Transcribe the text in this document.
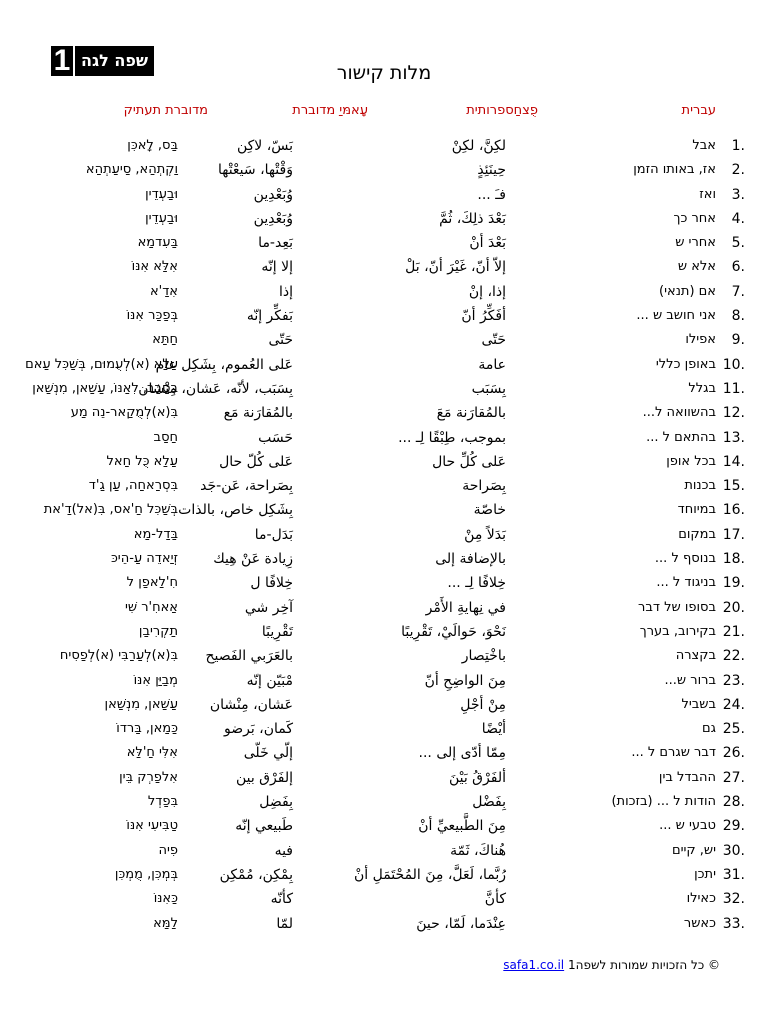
1 שפה לגה
מלות קישור
עברית
פֻ‏צחַ‏ספרותית
עָ‏אמּיַ‏ מדוברת
מדוברת תעתיק
1.
אבל
لكِنَّ، لكِنْ
بَسّ، لاكِن
בַּס, לָאכִּן
2.
אז, באותו הזמן
حِينَئِذٍ
وَقْتْها، سَيعْتْها
וַקְתְהַא, סַיעַתְהַא
3.
ואז
فـَ ...
وُبَعْدِين
וּבַעְדֵין
4.
אחר כך
بَعْدَ ذلِكَ، ثُمَّ
وُبَعْدِين
וּבַעְדֵין
5.
אחרי ש
بَعْدَ أنْ
بَعِد-ما
בַּעִדמַא
6.
אלא ש
إلاّ أنّ، غَيْرَ أنّ، بَلْ
إلا إنّه
אִלַּא אִנּוֹ
7.
אם (תנאי)
إذا، إنْ
إذا
אִדַ'א
8.
אני חושב ש ...
أفَكِّرُ أنّ
بَفكِّر إنّه
בְּפַכַּר אִנּוֹ
9.
אפילו
حَتّى
حَتّى
חַתַּא
10.
באופן כללי
عامة
عَلى العُموم، بِشَكِل عام
עַלַא (א)לְעֻמוּם, בְּשַׁכִּל עַאם
11.
בגלל
بِسَبَب
بِسَبَب، لأنّه، عَشان، مِنْشان
בִּסַבַב, לִאַנּוֹ, עַשַׁאן, מִנְשַׁאן
12.
בהשוואה ל...
بالمُقارَنة مَعَ
بالمُقارَنة مَع
בִּ(א)לְמֻקַאר-נֵה מַע
13.
בהתאם ל ...
بموجب، طِبْقًا لِـ ...
حَسَب
חַסַב
14.
בכל אופן
عَلى كُلِّ حال
عَلى كُلّ حال
עַלַא כֻּל חַאל
15.
בכנות
بِصَراحة
بِصَراحة، عَن-جَد
בִּסְרַאחַה, עַן גַ'ד
16.
במיוחד
خاصّة
بِشَكِل خاص، بالذات
בְּשַׁכִּל חַ'אס, בִּ(אל)דַ'את
17.
במקום
بَدَلاً مِنْ
بَدَل-ما
בַּדַל-מַא
18.
בנוסף ל ...
بالإضافة إلى
زِيادة عَنْ هِيك
זְיַאדֵה עַ-הֵיכּ
19.
בניגוד ל ...
خِلافًا لِـ ...
خِلافًا ل
חִ'לַאפַן ל
20.
בסופו של דבר
في نِهايةِ الأَمْر
آخِر شي
אַאחִ'ר שִׁי
21.
בקירוב, בערך
نَحْوَ، حَوالَيْ، تَقْرِيبًا
تَقْرِيبًا
תַקְרִיבַן
22.
בקצרה
باخْتِصار
بالعَرَبي الفَصيح
בִּ(א)לְעַרַבִּי (א)לְפַסִיח
23.
ברור ש...
مِنَ الواضِحِ أنّ
مْبَيّن إنّه
מְבַיַּן אִנּוֹ
24.
בשביל
مِنْ أجْلِ
عَشان، مِنْشان
עַשַׁאן, מִנְשַׁאן
25.
גם
أيْضًا
كَمان، بَرضو
כַּמַאן, בַּרדוֹ
26.
דבר שגרם ל ...
مِمّا أدّى إلى ...
إلّي خَلّى
אִלִּי חַ'לַּא
27.
ההבדל בין
ألفَرْقُ بَيْنَ
إلفَرْق بين
אִלפַרְק בֵּין
28.
הודות ל ... (בזכות)
بِفَضْل
بِفَضِل
בִּפַדְל
29.
טבעי ש ...
مِنَ الطَّبيعيِّ أنْ
طَبيعي إنّه
טַבִּיעִי אִנּוֹ
30.
יש, קיים
هُناكَ، ثَمّة
فيه
פִיה
31.
יתכן
رُبَّما، لَعَلَّ، مِنَ المُحْتَمَلِ أنْ
بِمْكِن، مُمْكِن
בְּמְכִּן, מֻמְכִּן
32.
כאילו
كأنَّ
كأنّه
כַּאִנּוֹ
33.
כאשר
عِنْدَما، لَمّا، حينَ
لمّا
לַמַּא
© כל הזכויות שמורות לשפה1 safa1.co.il
